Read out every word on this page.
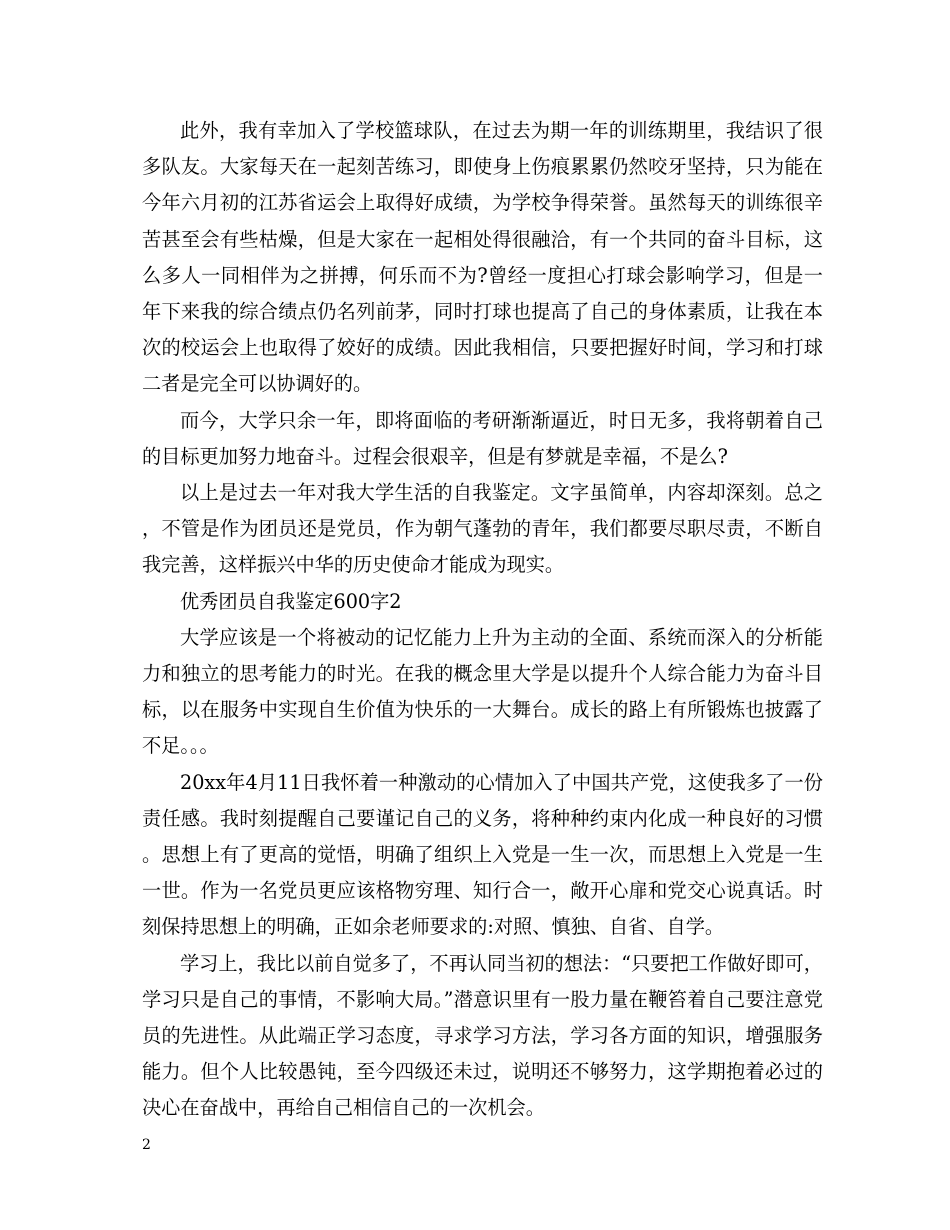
此外，我有幸加入了学校篮球队，在过去为期一年的训练期里，我结识了很多队友。大家每天在一起刻苦练习，即使身上伤痕累累仍然咬牙坚持，只为能在今年六月初的江苏省运会上取得好成绩，为学校争得荣誉。虽然每天的训练很辛苦甚至会有些枯燥，但是大家在一起相处得很融洽，有一个共同的奋斗目标，这么多人一同相伴为之拼搏，何乐而不为?曾经一度担心打球会影响学习，但是一年下来我的综合绩点仍名列前茅，同时打球也提高了自己的身体素质，让我在本次的校运会上也取得了姣好的成绩。因此我相信，只要把握好时间，学习和打球二者是完全可以协调好的。

而今，大学只余一年，即将面临的考研渐渐逼近，时日无多，我将朝着自己的目标更加努力地奋斗。过程会很艰辛，但是有梦就是幸福，不是么?

以上是过去一年对我大学生活的自我鉴定。文字虽简单，内容却深刻。总之，不管是作为团员还是党员，作为朝气蓬勃的青年，我们都要尽职尽责，不断自我完善，这样振兴中华的历史使命才能成为现实。

优秀团员自我鉴定600字2

大学应该是一个将被动的记忆能力上升为主动的全面、系统而深入的分析能力和独立的思考能力的时光。在我的概念里大学是以提升个人综合能力为奋斗目标，以在服务中实现自生价值为快乐的一大舞台。成长的路上有所锻炼也披露了不足。。。

20xx年4月11日我怀着一种激动的心情加入了中国共产党，这使我多了一份责任感。我时刻提醒自己要谨记自己的义务，将种种约束内化成一种良好的习惯。思想上有了更高的觉悟，明确了组织上入党是一生一次，而思想上入党是一生一世。作为一名党员更应该格物穷理、知行合一，敞开心扉和党交心说真话。时刻保持思想上的明确，正如余老师要求的:对照、慎独、自省、自学。

学习上，我比以前自觉多了，不再认同当初的想法：“只要把工作做好即可，学习只是自己的事情，不影响大局。”潜意识里有一股力量在鞭笞着自己要注意党员的先进性。从此端正学习态度，寻求学习方法，学习各方面的知识，增强服务能力。但个人比较愚钝，至今四级还未过，说明还不够努力，这学期抱着必过的决心在奋战中，再给自己相信自己的一次机会。

2
